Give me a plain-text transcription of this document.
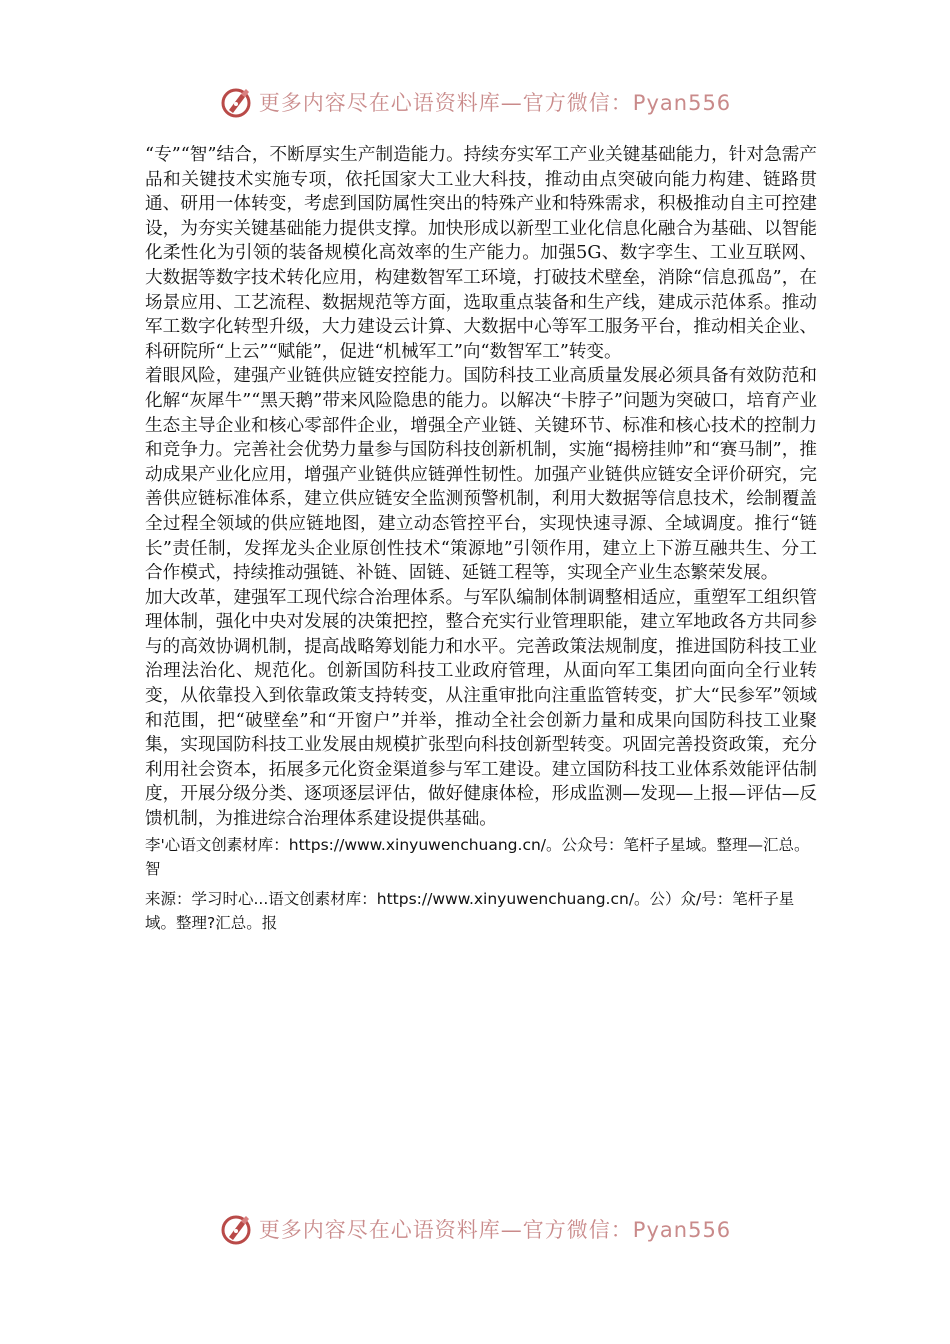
更多内容尽在心语资料库—官方微信：Pyan556

“专”“智”结合，不断厚实生产制造能力。持续夯实军工产业关键基础能力，针对急需产品和关键技术实施专项，依托国家大工业大科技，推动由点突破向能力构建、链路贯通、研用一体转变，考虑到国防属性突出的特殊产业和特殊需求，积极推动自主可控建设，为夯实关键基础能力提供支撑。加快形成以新型工业化信息化融合为基础、以智能化柔性化为引领的装备规模化高效率的生产能力。加强5G、数字孪生、工业互联网、大数据等数字技术转化应用，构建数智军工环境，打破技术壁垒，消除“信息孤岛”，在场景应用、工艺流程、数据规范等方面，选取重点装备和生产线，建成示范体系。推动军工数字化转型升级，大力建设云计算、大数据中心等军工服务平台，推动相关企业、科研院所“上云”“赋能”，促进“机械军工”向“数智军工”转变。

着眼风险，建强产业链供应链安控能力。国防科技工业高质量发展必须具备有效防范和化解“灰犀牛”“黑天鹅”带来风险隐患的能力。以解决“卡脖子”问题为突破口，培育产业生态主导企业和核心零部件企业，增强全产业链、关键环节、标准和核心技术的控制力和竞争力。完善社会优势力量参与国防科技创新机制，实施“揭榜挂帅”和“赛马制”，推动成果产业化应用，增强产业链供应链弹性韧性。加强产业链供应链安全评价研究，完善供应链标准体系，建立供应链安全监测预警机制，利用大数据等信息技术，绘制覆盖全过程全领域的供应链地图，建立动态管控平台，实现快速寻源、全域调度。推行“链长”责任制，发挥龙头企业原创性技术“策源地”引领作用，建立上下游互融共生、分工合作模式，持续推动强链、补链、固链、延链工程等，实现全产业生态繁荣发展。

加大改革，建强军工现代综合治理体系。与军队编制体制调整相适应，重塑军工组织管理体制，强化中央对发展的决策把控，整合充实行业管理职能，建立军地政各方共同参与的高效协调机制，提高战略筹划能力和水平。完善政策法规制度，推进国防科技工业治理法治化、规范化。创新国防科技工业政府管理，从面向军工集团向面向全行业转变，从依靠投入到依靠政策支持转变，从注重审批向注重监管转变，扩大“民参军”领域和范围，把“破壁垒”和“开窗户”并举，推动全社会创新力量和成果向国防科技工业聚集，实现国防科技工业发展由规模扩张型向科技创新型转变。巩固完善投资政策，充分利用社会资本，拓展多元化资金渠道参与军工建设。建立国防科技工业体系效能评估制度，开展分级分类、逐项逐层评估，做好健康体检，形成监测—发现—上报—评估—反馈机制，为推进综合治理体系建设提供基础。

李'心语文创素材库：https://www.xinyuwenchuang.cn/。公众号：笔杆子星域。整理—汇总。智

来源：学习时心...语文创素材库：https://www.xinyuwenchuang.cn/。公）众/号：笔杆子星域。整理?汇总。报

更多内容尽在心语资料库—官方微信：Pyan556
